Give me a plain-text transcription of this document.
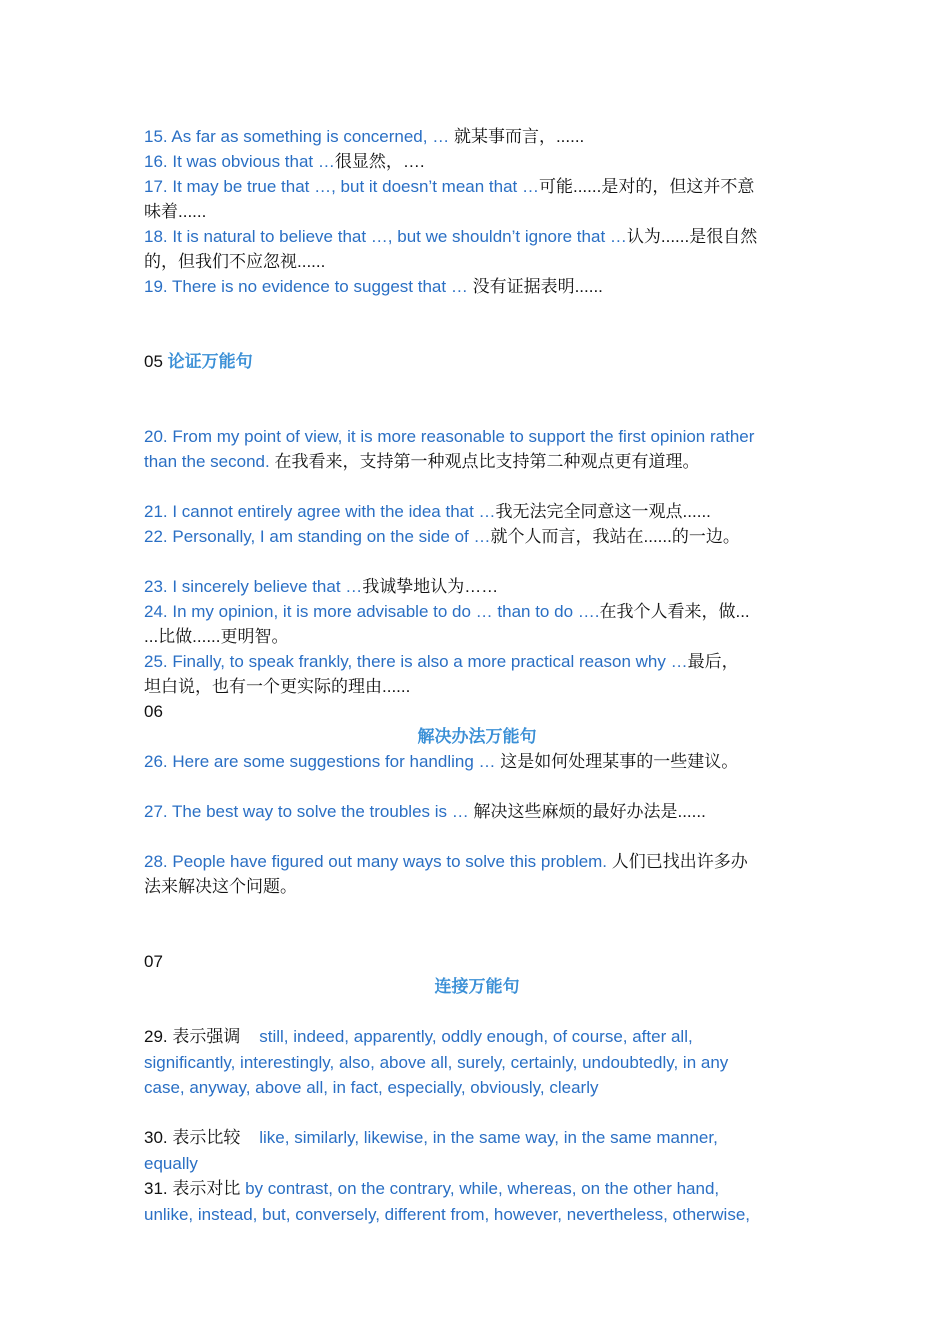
15. As far as something is concerned, … 就某事而言，......
16. It was obvious that …很显然，….
17. It may be true that …, but it doesn’t mean that …可能......是对的，但这并不意
味着......
18. It is natural to believe that …, but we shouldn’t ignore that …认为......是很自然
的，但我们不应忽视......
19. There is no evidence to suggest that … 没有证据表明......
05 论证万能句
20. From my point of view, it is more reasonable to support the first opinion rather
than the second. 在我看来，支持第一种观点比支持第二种观点更有道理。
21. I cannot entirely agree with the idea that …我无法完全同意这一观点......
22. Personally, I am standing on the side of …就个人而言，我站在......的一边。
23. I sincerely believe that …我诚挚地认为……
24. In my opinion, it is more advisable to do … than to do ….在我个人看来，做...
...比做......更明智。
25. Finally, to speak frankly, there is also a more practical reason why …最后，
坦白说，也有一个更实际的理由......
06
解决办法万能句
26. Here are some suggestions for handling … 这是如何处理某事的一些建议。
27. The best way to solve the troubles is … 解决这些麻烦的最好办法是......
28. People have figured out many ways to solve this problem. 人们已找出许多办
法来解决这个问题。
07
连接万能句
29. 表示强调    still, indeed, apparently, oddly enough, of course, after all,
significantly, interestingly, also, above all, surely, certainly, undoubtedly, in any
case, anyway, above all, in fact, especially, obviously, clearly
30. 表示比较    like, similarly, likewise, in the same way, in the same manner,
equally
31. 表示对比 by contrast, on the contrary, while, whereas, on the other hand,
unlike, instead, but, conversely, different from, however, nevertheless, otherwise,
